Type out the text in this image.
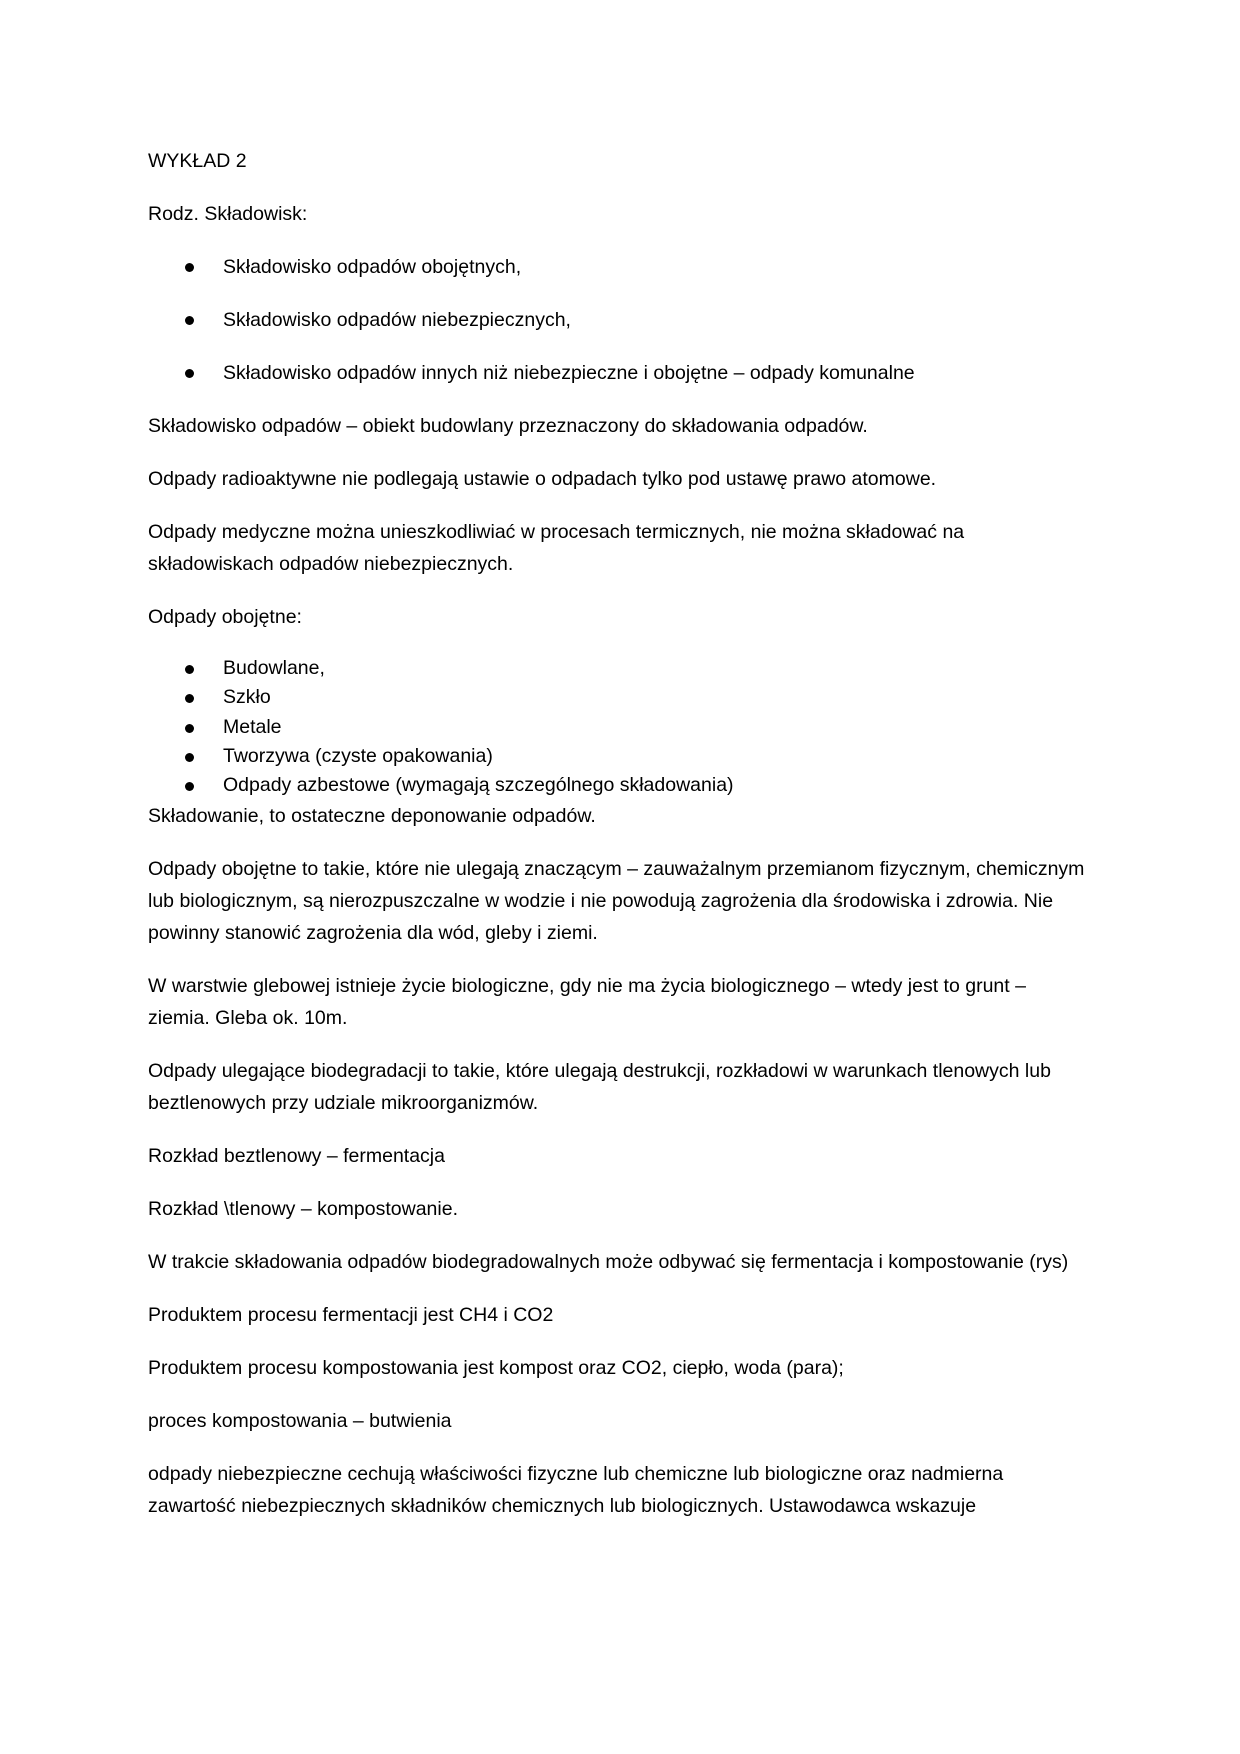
WYKŁAD 2

Rodz. Składowisk:

Składowisko odpadów obojętnych,
Składowisko odpadów niebezpiecznych,
Składowisko odpadów innych niż niebezpieczne i obojętne – odpady komunalne

Składowisko odpadów – obiekt budowlany przeznaczony do składowania odpadów.

Odpady radioaktywne nie podlegają ustawie o odpadach tylko pod ustawę prawo atomowe.

Odpady medyczne można unieszkodliwiać w procesach termicznych, nie można składować na składowiskach odpadów niebezpiecznych.

Odpady obojętne:

Budowlane,
Szkło
Metale
Tworzywa (czyste opakowania)
Odpady azbestowe (wymagają szczególnego składowania)

Składowanie, to ostateczne deponowanie odpadów.

Odpady obojętne to takie, które nie ulegają znaczącym – zauważalnym przemianom fizycznym, chemicznym lub biologicznym, są nierozpuszczalne w wodzie i nie powodują zagrożenia dla środowiska i zdrowia. Nie powinny stanowić zagrożenia dla wód, gleby i ziemi.

W warstwie glebowej istnieje życie biologiczne, gdy nie ma życia biologicznego – wtedy jest to grunt – ziemia. Gleba ok. 10m.

Odpady ulegające biodegradacji to takie, które ulegają destrukcji, rozkładowi w warunkach tlenowych lub beztlenowych przy udziale mikroorganizmów.

Rozkład beztlenowy – fermentacja

Rozkład \tlenowy – kompostowanie.

W trakcie składowania odpadów biodegradowalnych może odbywać się fermentacja i kompostowanie (rys)

Produktem procesu fermentacji jest CH4 i CO2

Produktem procesu kompostowania jest kompost oraz CO2, ciepło, woda (para);

proces kompostowania – butwienia

odpady niebezpieczne cechują właściwości fizyczne lub chemiczne lub biologiczne oraz nadmierna zawartość niebezpiecznych składników chemicznych lub biologicznych. Ustawodawca wskazuje
